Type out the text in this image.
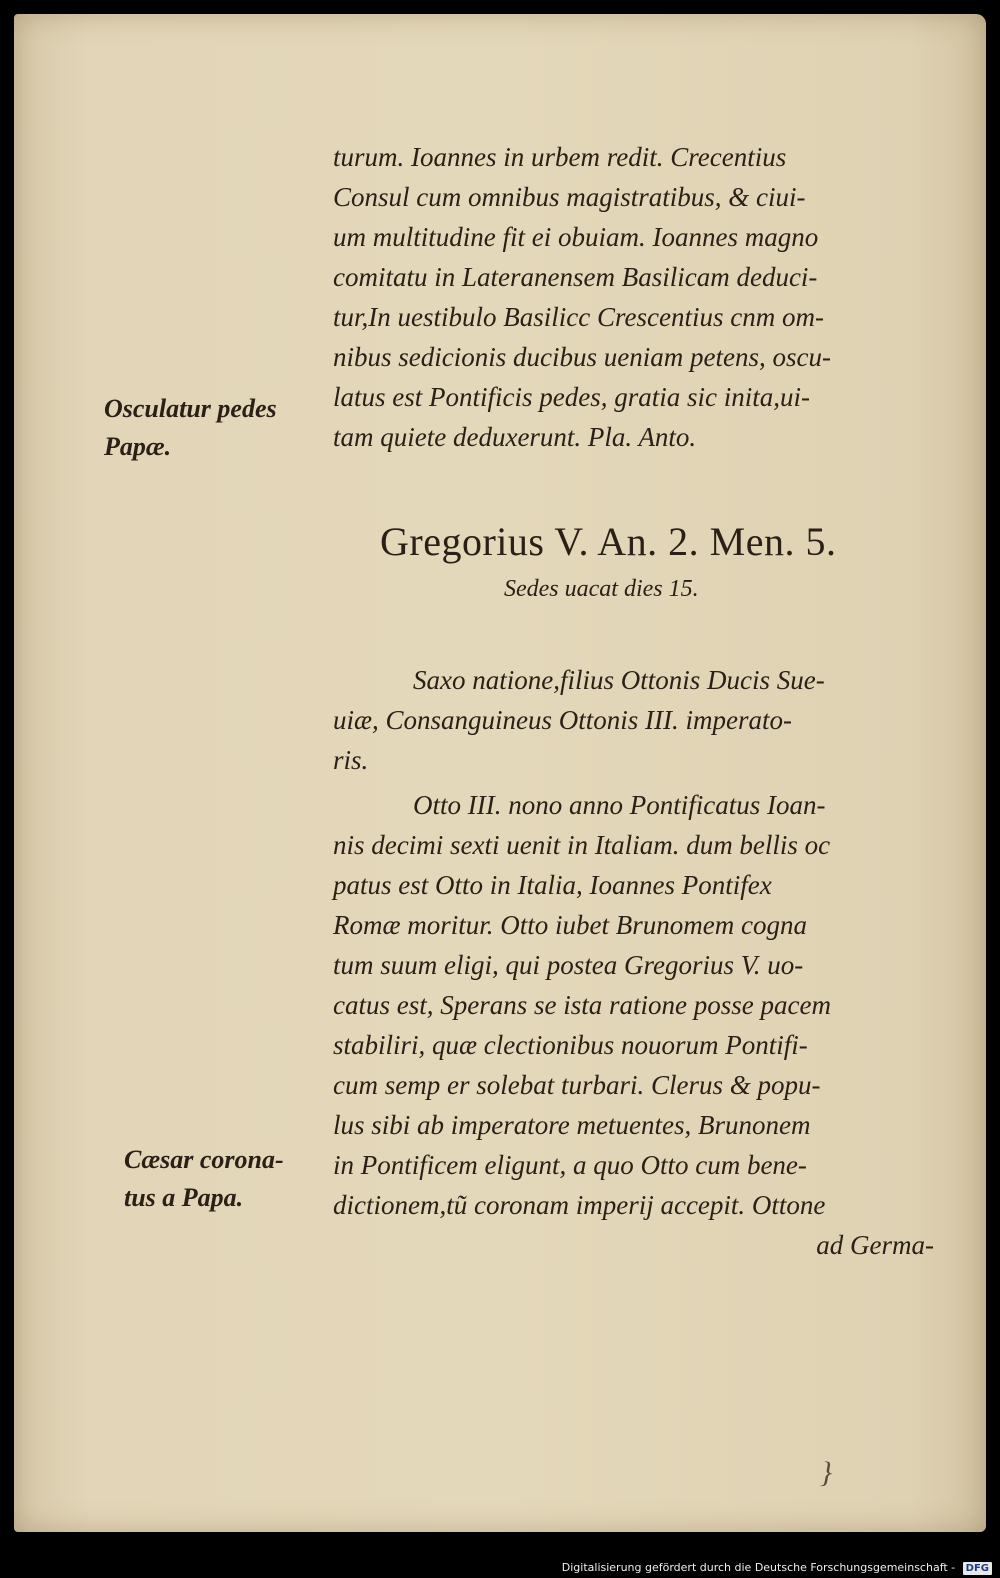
turum. Ioannes in urbem redit. Crecentius
Consul cum omnibus magistratibus, & ciui-
um multitudine fit ei obuiam. Ioannes magno
comitatu in Lateranensem Basilicam deduci-
tur,In uestibulo Basilicc Crescentius cnm om-
nibus sedicionis ducibus ueniam petens, oscu-
latus est Pontificis pedes, gratia sic inita,ui-
tam quiete deduxerunt. Pla. Anto.
Gregorius V. An. 2. Men. 5.
Sedes uacat dies 15.
Saxo natione,filius Ottonis Ducis Sue-
uiæ, Consanguineus Ottonis III. imperato-
ris.
Otto III. nono anno Pontificatus Ioan-
nis decimi sexti uenit in Italiam. dum bellis oc
patus est Otto in Italia, Ioannes Pontifex
Romæ moritur. Otto iubet Brunomem cogna
tum suum eligi, qui postea Gregorius V. uo-
catus est, Sperans se ista ratione posse pacem
stabiliri, quæ clectionibus nouorum Pontifi-
cum semp er solebat turbari. Clerus & popu-
lus sibi ab imperatore metuentes, Brunonem
in Pontificem eligunt, a quo Otto cum bene-
dictionem,tũ coronam imperij accepit. Ottone
ad Germa-
Osculatur pedes
Papæ.
Cæsar corona-
tus a Papa.
}
Digitalisierung gefördert durch die Deutsche Forschungsgemeinschaft - DFG
